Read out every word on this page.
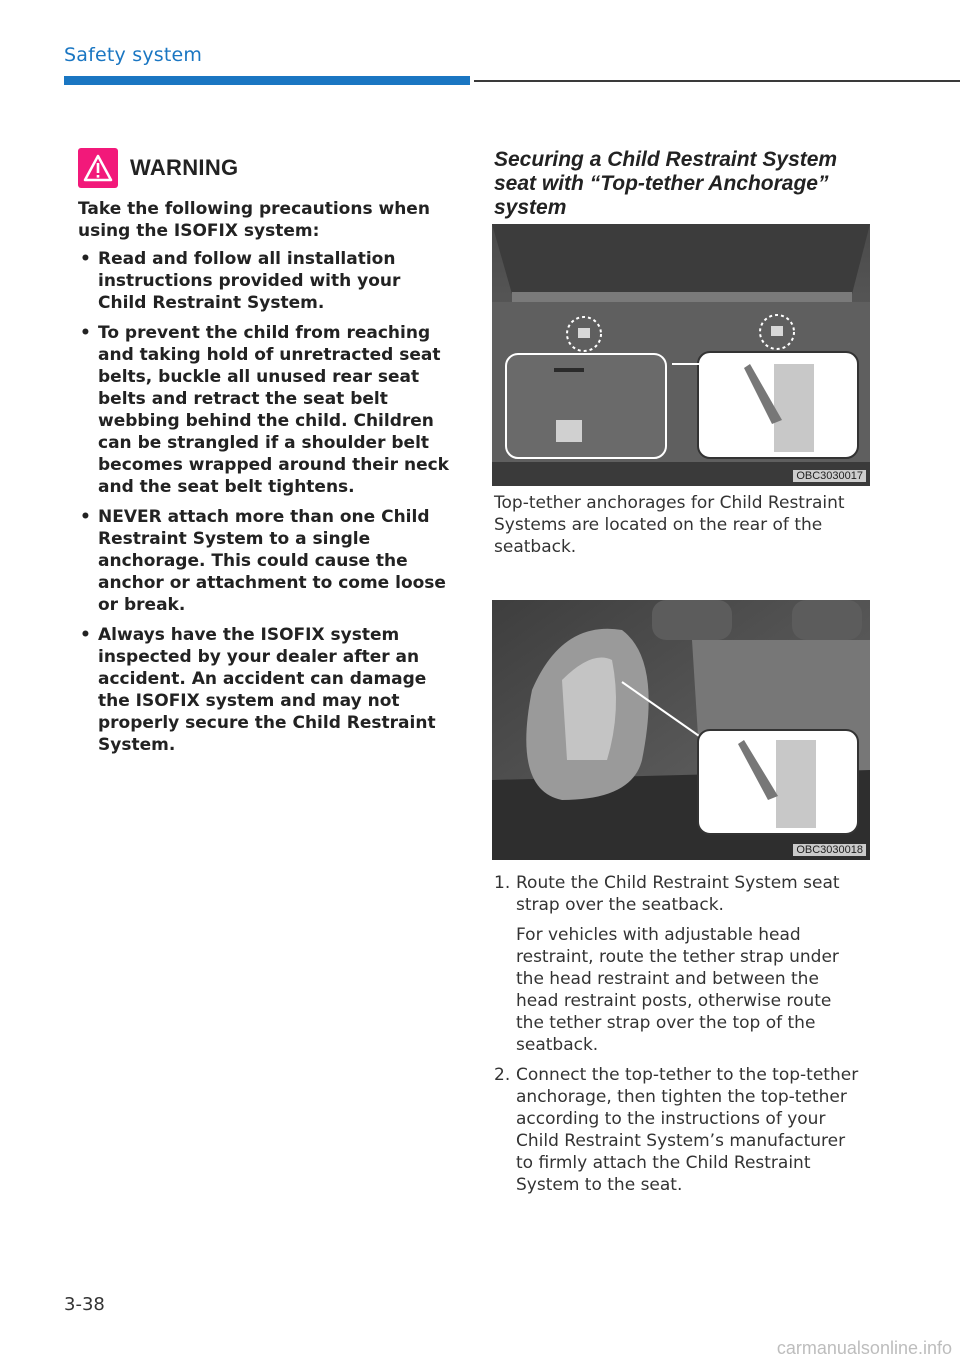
Safety system
WARNING
Take the following precautions when using the ISOFIX system:
• Read and follow all installation instructions provided with your Child Restraint System.
• To prevent the child from reaching and taking hold of unretracted seat belts, buckle all unused rear seat belts and retract the seat belt webbing behind the child. Children can be strangled if a shoulder belt becomes wrapped around their neck and the seat belt tightens.
• NEVER attach more than one Child Restraint System to a single anchorage. This could cause the anchor or attachment to come loose or break.
• Always have the ISOFIX system inspected by your dealer after an accident. An accident can damage the ISOFIX system and may not properly secure the Child Restraint System.
Securing a Child Restraint System seat with “Top-tether Anchorage” system
OBC3030017
Top-tether anchorages for Child Restraint Systems are located on the rear of the seatback.
OBC3030018
1. Route the Child Restraint System seat strap over the seatback.

For vehicles with adjustable head restraint, route the tether strap under the head restraint and between the head restraint posts, otherwise route the tether strap over the top of the seatback.

2. Connect the top-tether to the top-tether anchorage, then tighten the top-tether according to the instructions of your Child Restraint System’s manufacturer to firmly attach the Child Restraint System to the seat.

3-38
carmanualsonline.info
